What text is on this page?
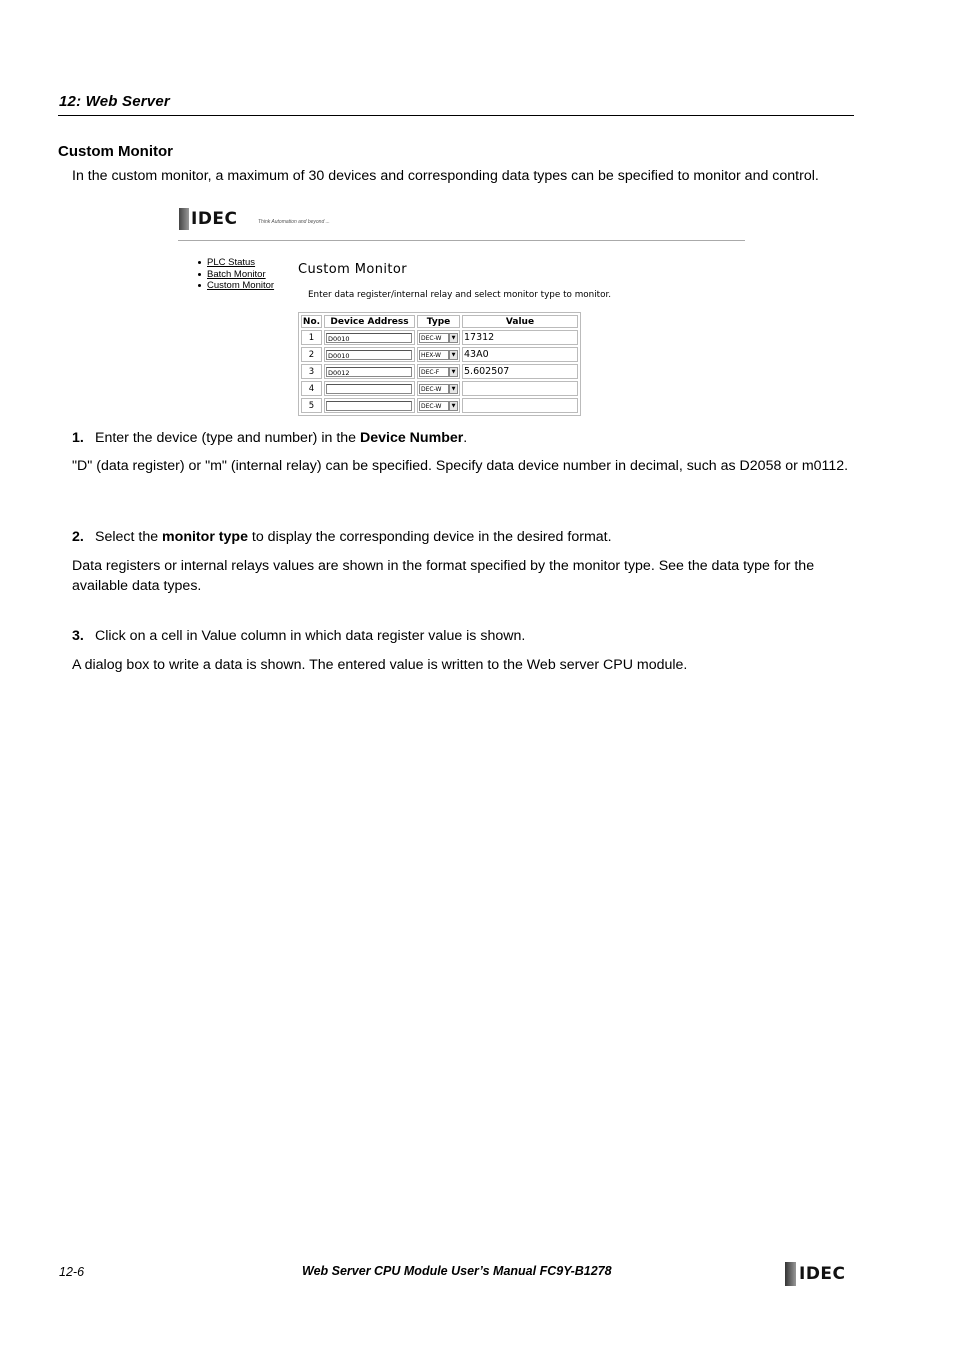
12: Web Server
Custom Monitor
In the custom monitor, a maximum of 30 devices and corresponding data types can be specified to monitor and control.
IDEC	Think Automation and beyond ...
PLC Status
Batch Monitor
Custom Monitor
Custom Monitor
Enter data register/internal relay and select monitor type to monitor.
No.	Device Address	Type	Value
1	D0010	DEC-W ▼	17312
2	D0010	HEX-W ▼	43A0
3	D0012	DEC-F ▼	5.602507
4		DEC-W ▼	

5		DEC-W ▼	

1. Enter the device (type and number) in the Device Number.
"D" (data register) or "m" (internal relay) can be specified. Specify data device number in decimal, such as D2058 or m0112.
2. Select the monitor type to display the corresponding device in the desired format.
Data registers or internal relays values are shown in the format specified by the monitor type. See the data type for the available data types.
3. Click on a cell in Value column in which data register value is shown.
A dialog box to write a data is shown. The entered value is written to the Web server CPU module.
12-6	Web Server CPU Module User’s Manual FC9Y-B1278	IDEC
